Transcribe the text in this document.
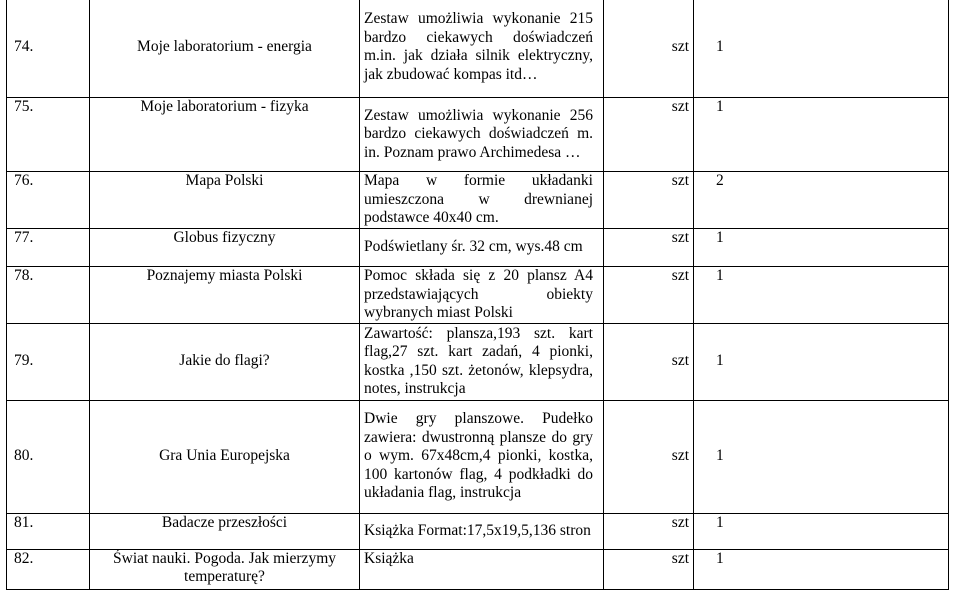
74.	Moje laboratorium - energia	Zestaw umożliwia wykonanie 215 bardzo ciekawych doświadczeń m.in. jak działa silnik elektryczny, jak zbudować kompas itd…	szt	1
75.	Moje laboratorium - fizyka	Zestaw umożliwia wykonanie 256 bardzo ciekawych doświadczeń m. in. Poznam prawo Archimedesa …	szt	1
76.	Mapa Polski	Mapa w formie układanki umieszczona w drewnianej podstawce 40x40 cm.	szt	2
77.	Globus fizyczny	Podświetlany śr. 32 cm, wys.48 cm	szt	1
78.	Poznajemy miasta Polski	Pomoc składa się z 20 plansz A4 przedstawiających obiekty wybranych miast Polski	szt	1
79.	Jakie do flagi?	Zawartość: plansza,193 szt. kart flag,27 szt. kart zadań, 4 pionki, kostka ,150 szt. żetonów, klepsydra, notes, instrukcja	szt	1
80.	Gra Unia Europejska	Dwie gry planszowe. Pudełko zawiera: dwustronną plansze do gry o wym. 67x48cm,4 pionki, kostka, 100 kartonów flag, 4 podkładki do układania flag, instrukcja	szt	1
81.	Badacze przeszłości	Książka Format:17,5x19,5,136 stron	szt	1
82.	Świat nauki. Pogoda. Jak mierzymy temperaturę?	Książka	szt	1
